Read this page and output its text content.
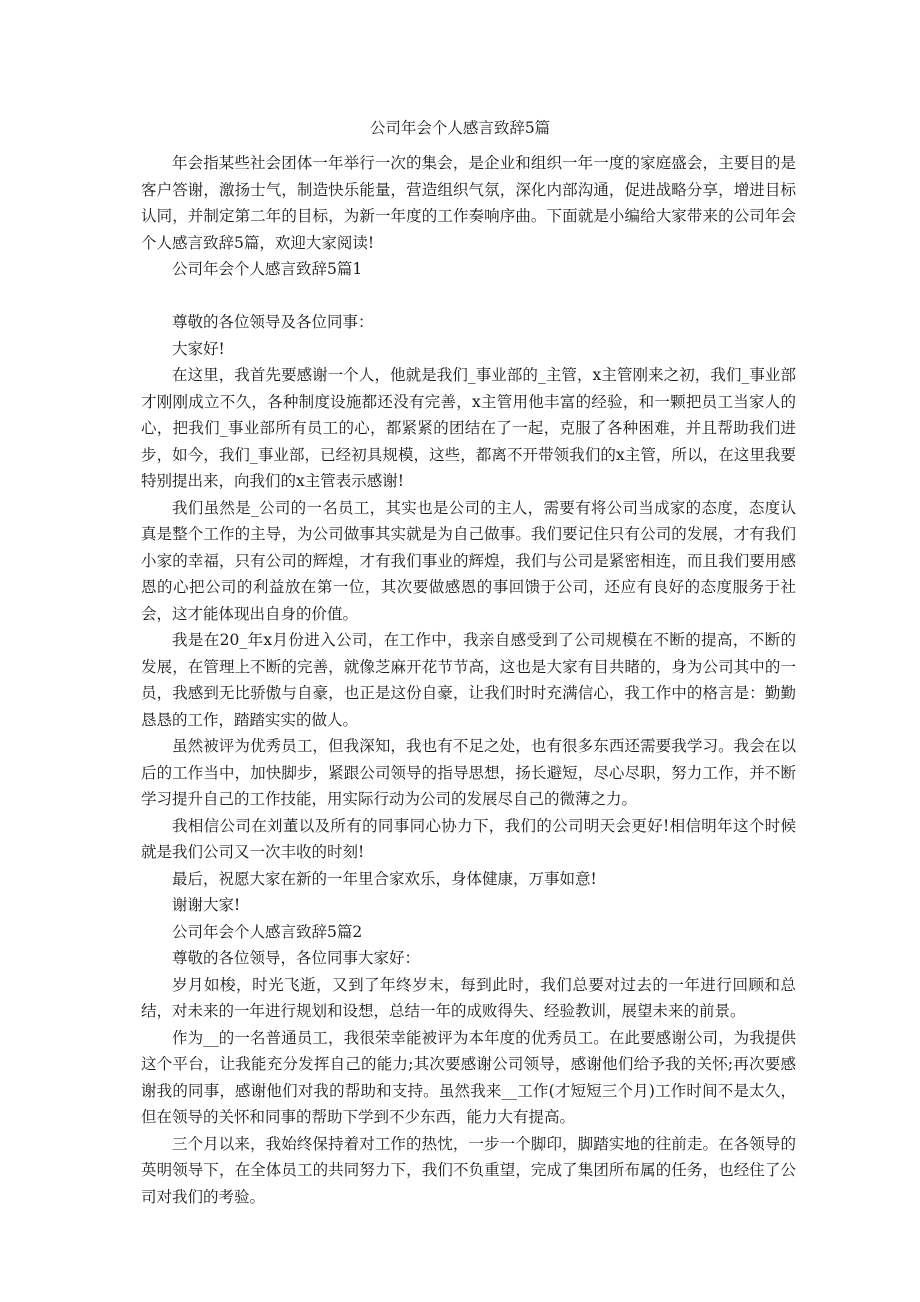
公司年会个人感言致辞5篇

年会指某些社会团体一年举行一次的集会，是企业和组织一年一度的家庭盛会，主要目的是客户答谢，激扬士气，制造快乐能量，营造组织气氛，深化内部沟通，促进战略分享，增进目标认同，并制定第二年的目标，为新一年度的工作奏响序曲。下面就是小编给大家带来的公司年会个人感言致辞5篇，欢迎大家阅读!

公司年会个人感言致辞5篇1

尊敬的各位领导及各位同事：

大家好!

在这里，我首先要感谢一个人，他就是我们_事业部的_主管，x主管刚来之初，我们_事业部才刚刚成立不久，各种制度设施都还没有完善，x主管用他丰富的经验，和一颗把员工当家人的心，把我们_事业部所有员工的心，都紧紧的团结在了一起，克服了各种困难，并且帮助我们进步，如今，我们_事业部，已经初具规模，这些，都离不开带领我们的x主管，所以，在这里我要特别提出来，向我们的x主管表示感谢!

我们虽然是_公司的一名员工，其实也是公司的主人，需要有将公司当成家的态度，态度认真是整个工作的主导，为公司做事其实就是为自己做事。我们要记住只有公司的发展，才有我们小家的幸福，只有公司的辉煌，才有我们事业的辉煌，我们与公司是紧密相连，而且我们要用感恩的心把公司的利益放在第一位，其次要做感恩的事回馈于公司，还应有良好的态度服务于社会，这才能体现出自身的价值。

我是在20_年x月份进入公司，在工作中，我亲自感受到了公司规模在不断的提高，不断的发展，在管理上不断的完善，就像芝麻开花节节高，这也是大家有目共睹的，身为公司其中的一员，我感到无比骄傲与自豪，也正是这份自豪，让我们时时充满信心，我工作中的格言是：勤勤恳恳的工作，踏踏实实的做人。

虽然被评为优秀员工，但我深知，我也有不足之处，也有很多东西还需要我学习。我会在以后的工作当中，加快脚步，紧跟公司领导的指导思想，扬长避短，尽心尽职，努力工作，并不断学习提升自己的工作技能，用实际行动为公司的发展尽自己的微薄之力。

我相信公司在刘董以及所有的同事同心协力下，我们的公司明天会更好!相信明年这个时候就是我们公司又一次丰收的时刻!

最后，祝愿大家在新的一年里合家欢乐，身体健康，万事如意!

谢谢大家!

公司年会个人感言致辞5篇2

尊敬的各位领导，各位同事大家好：

岁月如梭，时光飞逝，又到了年终岁末，每到此时，我们总要对过去的一年进行回顾和总结，对未来的一年进行规划和设想，总结一年的成败得失、经验教训，展望未来的前景。

作为__的一名普通员工，我很荣幸能被评为本年度的优秀员工。在此要感谢公司，为我提供这个平台，让我能充分发挥自己的能力;其次要感谢公司领导，感谢他们给予我的关怀;再次要感谢我的同事，感谢他们对我的帮助和支持。虽然我来__工作(才短短三个月)工作时间不是太久，但在领导的关怀和同事的帮助下学到不少东西，能力大有提高。

三个月以来，我始终保持着对工作的热忱，一步一个脚印，脚踏实地的往前走。在各领导的英明领导下，在全体员工的共同努力下，我们不负重望，完成了集团所布属的任务，也经住了公司对我们的考验。
